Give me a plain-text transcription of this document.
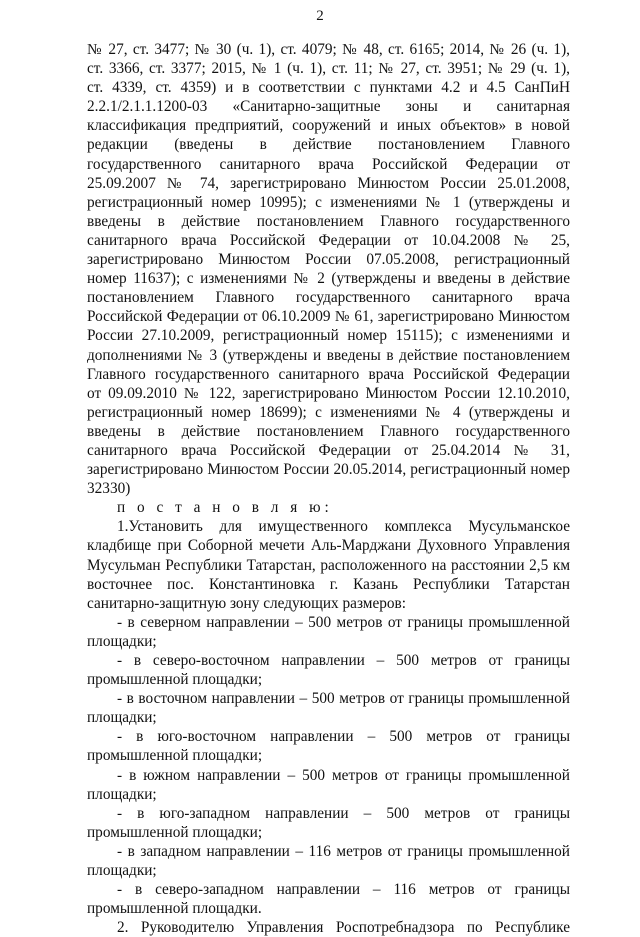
2
№ 27, ст. 3477; № 30 (ч. 1), ст. 4079; № 48, ст. 6165; 2014, № 26 (ч. 1),
ст. 3366, ст. 3377; 2015, № 1 (ч. 1), ст. 11; № 27, ст. 3951; № 29 (ч. 1),
ст. 4339, ст. 4359) и в соответствии с пунктами 4.2 и 4.5 СанПиН
2.2.1/2.1.1.1200-03 «Санитарно-защитные зоны и санитарная
классификация предприятий, сооружений и иных объектов» в новой
редакции (введены в действие постановлением Главного
государственного санитарного врача Российской Федерации от
25.09.2007 № 74, зарегистрировано Минюстом России 25.01.2008,
регистрационный номер 10995); с изменениями № 1 (утверждены и
введены в действие постановлением Главного государственного
санитарного врача Российской Федерации от 10.04.2008 № 25,
зарегистрировано Минюстом России 07.05.2008, регистрационный
номер 11637); с изменениями № 2 (утверждены и введены в действие
постановлением Главного государственного санитарного врача
Российской Федерации от 06.10.2009 № 61, зарегистрировано Минюстом
России 27.10.2009, регистрационный номер 15115); с изменениями и
дополнениями № 3 (утверждены и введены в действие постановлением
Главного государственного санитарного врача Российской Федерации
от 09.09.2010 № 122, зарегистрировано Минюстом России 12.10.2010,
регистрационный номер 18699); с изменениями № 4 (утверждены и
введены в действие постановлением Главного государственного
санитарного врача Российской Федерации от 25.04.2014 № 31,
зарегистрировано Минюстом России 20.05.2014, регистрационный номер
32330)
п о с т а н о в л я ю:
1.Установить для имущественного комплекса Мусульманское
кладбище при Соборной мечети Аль-Марджани Духовного Управления
Мусульман Республики Татарстан, расположенного на расстоянии 2,5 км
восточнее пос. Константиновка г. Казань Республики Татарстан
санитарно-защитную зону следующих размеров:
- в северном направлении – 500 метров от границы промышленной
площадки;
- в северо-восточном направлении – 500 метров от границы
промышленной площадки;
- в восточном направлении – 500 метров от границы промышленной
площадки;
- в юго-восточном направлении – 500 метров от границы
промышленной площадки;
- в южном направлении – 500 метров от границы промышленной
площадки;
- в юго-западном направлении – 500 метров от границы
промышленной площадки;
- в западном направлении – 116 метров от границы промышленной
площадки;
- в северо-западном направлении – 116 метров от границы
промышленной площадки.
2. Руководителю Управления Роспотребнадзора по Республике
